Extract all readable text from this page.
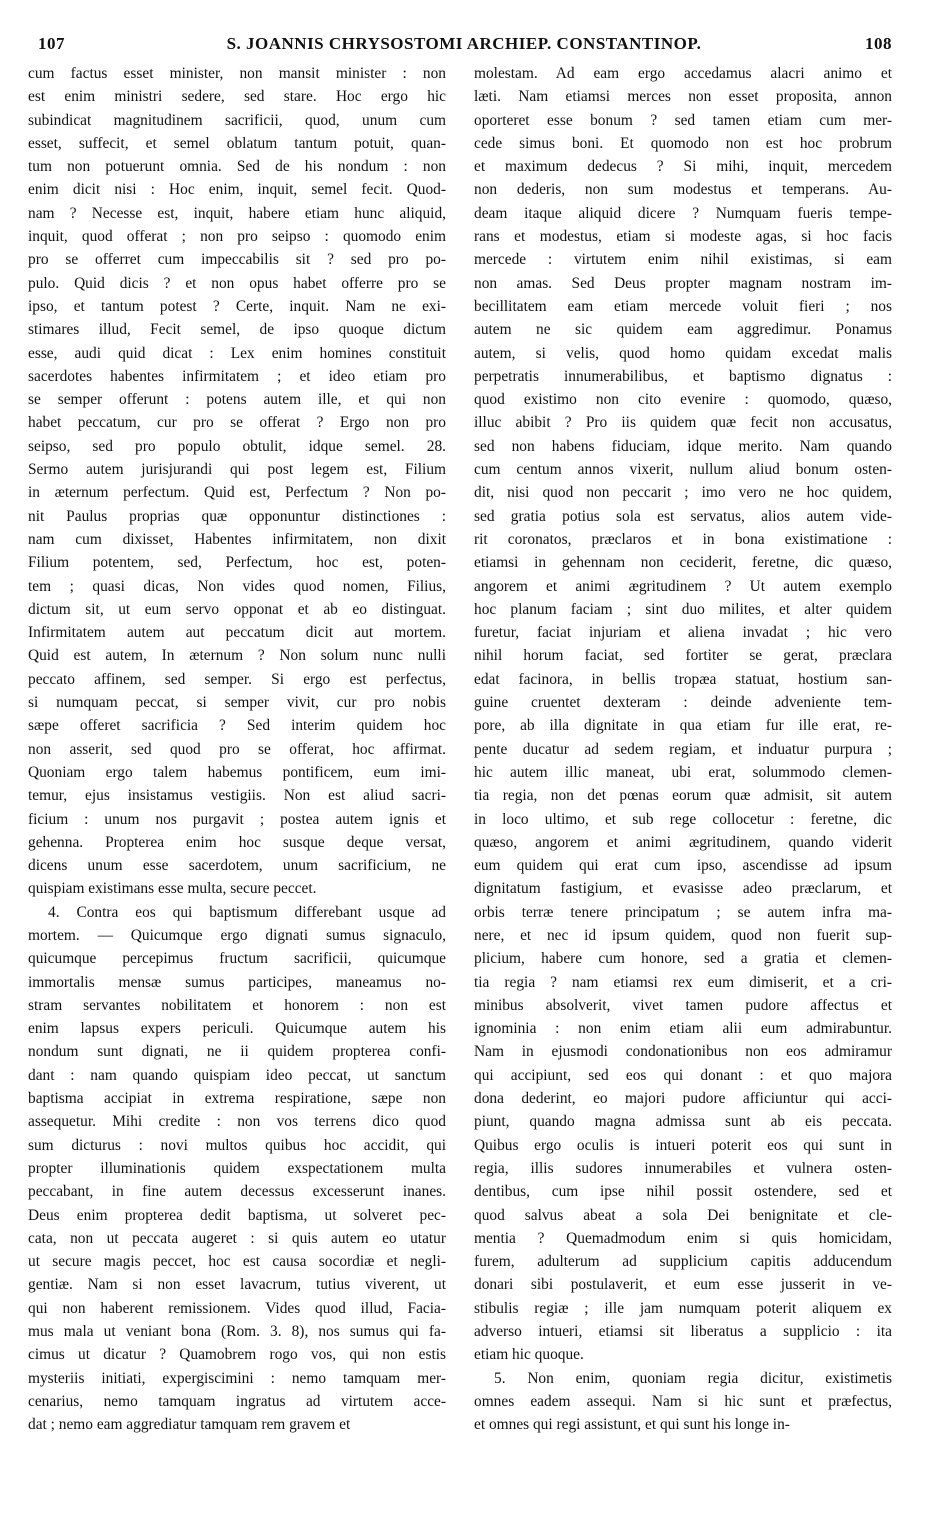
107	S. JOANNIS CHRYSOSTOMI ARCHIEP. CONSTANTINOP.	108
cum factus esset minister, non mansit minister : non
est enim ministri sedere, sed stare. Hoc ergo hic
subindicat magnitudinem sacrificii, quod, unum cum
esset, suffecit, et semel oblatum tantum potuit, quan-
tum non potuerunt omnia. Sed de his nondum : non
enim dicit nisi : Hoc enim, inquit, semel fecit. Quod-
nam ? Necesse est, inquit, habere etiam hunc aliquid,
inquit, quod offerat ; non pro seipso : quomodo enim
pro se offerret cum impeccabilis sit ? sed pro po-
pulo. Quid dicis ? et non opus habet offerre pro se
ipso, et tantum potest ? Certe, inquit. Nam ne exi-
stimares illud, Fecit semel, de ipso quoque dictum
esse, audi quid dicat : Lex enim homines constituit
sacerdotes habentes infirmitatem ; et ideo etiam pro
se semper offerunt : potens autem ille, et qui non
habet peccatum, cur pro se offerat ? Ergo non pro
seipso, sed pro populo obtulit, idque semel. 28.
Sermo autem jurisjurandi qui post legem est, Filium
in æternum perfectum. Quid est, Perfectum ? Non po-
nit Paulus proprias quæ opponuntur distinctiones :
nam cum dixisset, Habentes infirmitatem, non dixit
Filium potentem, sed, Perfectum, hoc est, poten-
tem ; quasi dicas, Non vides quod nomen, Filius,
dictum sit, ut eum servo opponat et ab eo distinguat.
Infirmitatem autem aut peccatum dicit aut mortem.
Quid est autem, In æternum ? Non solum nunc nulli
peccato affinem, sed semper. Si ergo est perfectus,
si numquam peccat, si semper vivit, cur pro nobis
sæpe offeret sacrificia ? Sed interim quidem hoc
non asserit, sed quod pro se offerat, hoc affirmat.
Quoniam ergo talem habemus pontificem, eum imi-
temur, ejus insistamus vestigiis. Non est aliud sacri-
ficium : unum nos purgavit ; postea autem ignis et
gehenna. Propterea enim hoc susque deque versat,
dicens unum esse sacerdotem, unum sacrificium, ne
quispiam existimans esse multa, secure peccet.
4. Contra eos qui baptismum differebant usque ad
mortem. — Quicumque ergo dignati sumus signaculo,
quicumque percepimus fructum sacrificii, quicumque
immortalis mensæ sumus participes, maneamus no-
stram servantes nobilitatem et honorem : non est
enim lapsus expers periculi. Quicumque autem his
nondum sunt dignati, ne ii quidem propterea confi-
dant : nam quando quispiam ideo peccat, ut sanctum
baptisma accipiat in extrema respiratione, sæpe non
assequetur. Mihi credite : non vos terrens dico quod
sum dicturus : novi multos quibus hoc accidit, qui
propter illuminationis quidem exspectationem multa
peccabant, in fine autem decessus excesserunt inanes.
Deus enim propterea dedit baptisma, ut solveret pec-
cata, non ut peccata augeret : si quis autem eo utatur
ut secure magis peccet, hoc est causa socordiæ et negli-
gentiæ. Nam si non esset lavacrum, tutius viverent, ut
qui non haberent remissionem. Vides quod illud, Facia-
mus mala ut veniant bona (Rom. 3. 8), nos sumus qui fa-
cimus ut dicatur ? Quamobrem rogo vos, qui non estis
mysteriis initiati, expergiscimini : nemo tamquam mer-
cenarius, nemo tamquam ingratus ad virtutem acce-
dat ; nemo eam aggrediatur tamquam rem gravem et
molestam. Ad eam ergo accedamus alacri animo et
læti. Nam etiamsi merces non esset proposita, annon
oporteret esse bonum ? sed tamen etiam cum mer-
cede simus boni. Et quomodo non est hoc probrum
et maximum dedecus ? Si mihi, inquit, mercedem
non dederis, non sum modestus et temperans. Au-
deam itaque aliquid dicere ? Numquam fueris tempe-
rans et modestus, etiam si modeste agas, si hoc facis
mercede : virtutem enim nihil existimas, si eam
non amas. Sed Deus propter magnam nostram im-
becillitatem eam etiam mercede voluit fieri ; nos
autem ne sic quidem eam aggredimur. Ponamus
autem, si velis, quod homo quidam excedat malis
perpetratis innumerabilibus, et baptismo dignatus :
quod existimo non cito evenire : quomodo, quæso,
illuc abibit ? Pro iis quidem quæ fecit non accusatus,
sed non habens fiduciam, idque merito. Nam quando
cum centum annos vixerit, nullum aliud bonum osten-
dit, nisi quod non peccarit ; imo vero ne hoc quidem,
sed gratia potius sola est servatus, alios autem vide-
rit coronatos, præclaros et in bona existimatione :
etiamsi in gehennam non ceciderit, feretne, dic quæso,
angorem et animi ægritudinem ? Ut autem exemplo
hoc planum faciam ; sint duo milites, et alter quidem
furetur, faciat injuriam et aliena invadat ; hic vero
nihil horum faciat, sed fortiter se gerat, præclara
edat facinora, in bellis tropæa statuat, hostium san-
guine cruentet dexteram : deinde adveniente tem-
pore, ab illa dignitate in qua etiam fur ille erat, re-
pente ducatur ad sedem regiam, et induatur purpura ;
hic autem illic maneat, ubi erat, solummodo clemen-
tia regia, non det pœnas eorum quæ admisit, sit autem
in loco ultimo, et sub rege collocetur : feretne, dic
quæso, angorem et animi ægritudinem, quando viderit
eum quidem qui erat cum ipso, ascendisse ad ipsum
dignitatum fastigium, et evasisse adeo præclarum, et
orbis terræ tenere principatum ; se autem infra ma-
nere, et nec id ipsum quidem, quod non fuerit sup-
plicium, habere cum honore, sed a gratia et clemen-
tia regia ? nam etiamsi rex eum dimiserit, et a cri-
minibus absolverit, vivet tamen pudore affectus et
ignominia : non enim etiam alii eum admirabuntur.
Nam in ejusmodi condonationibus non eos admiramur
qui accipiunt, sed eos qui donant : et quo majora
dona dederint, eo majori pudore afficiuntur qui acci-
piunt, quando magna admissa sunt ab eis peccata.
Quibus ergo oculis is intueri poterit eos qui sunt in
regia, illis sudores innumerabiles et vulnera osten-
dentibus, cum ipse nihil possit ostendere, sed et
quod salvus abeat a sola Dei benignitate et cle-
mentia ? Quemadmodum enim si quis homicidam,
furem, adulterum ad supplicium capitis adducendum
donari sibi postulaverit, et eum esse jusserit in ve-
stibulis regiæ ; ille jam numquam poterit aliquem ex
adverso intueri, etiamsi sit liberatus a supplicio : ita
etiam hic quoque.
5. Non enim, quoniam regia dicitur, existimetis
omnes eadem assequi. Nam si hic sunt et præfectus,
et omnes qui regi assistunt, et qui sunt his longe in-
